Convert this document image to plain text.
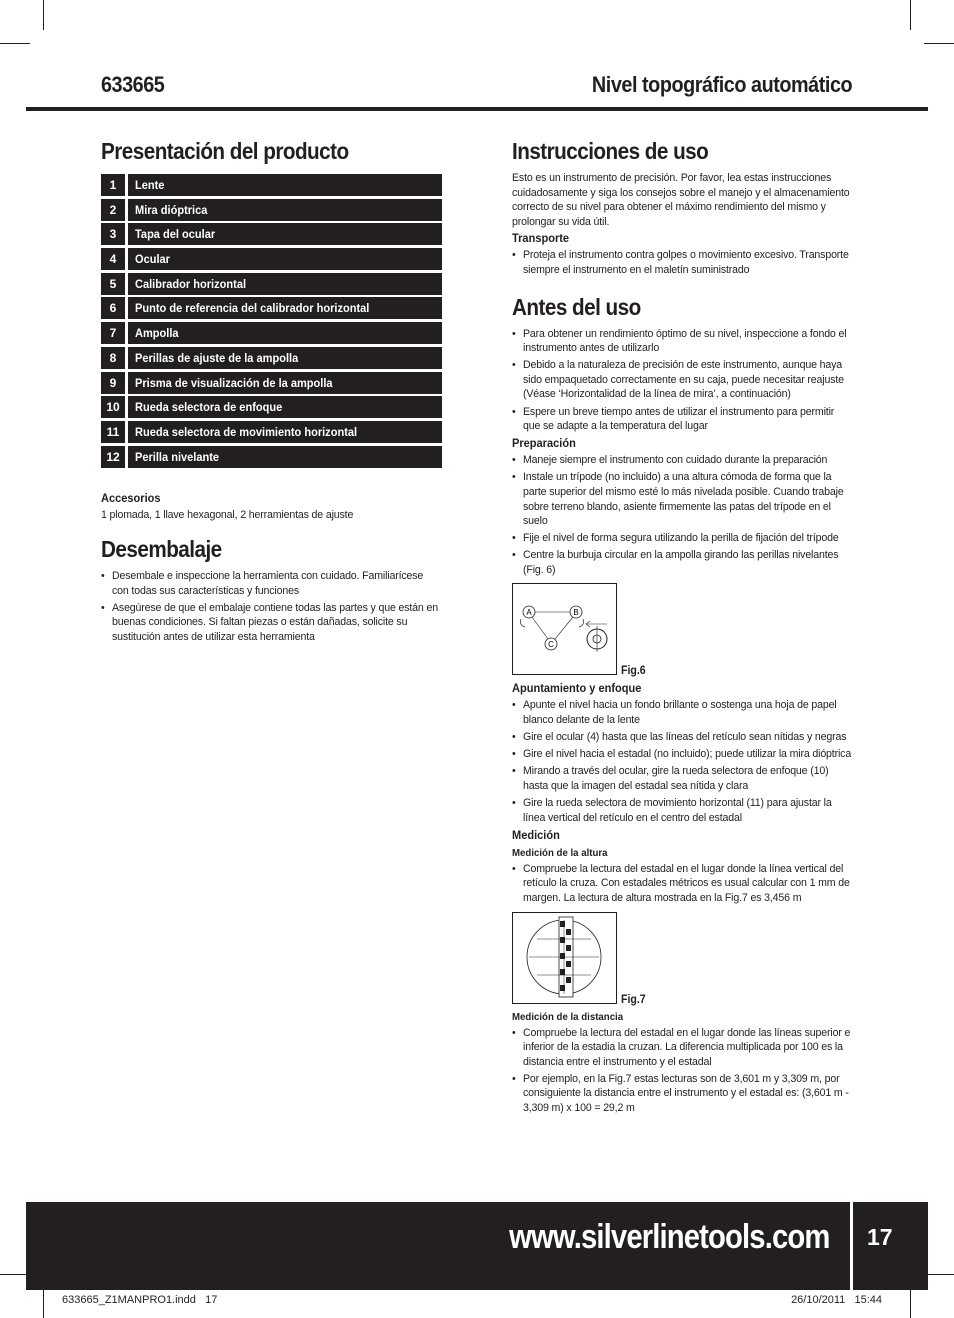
633665	Nivel topográfico automático
Presentación del producto
1	Lente
2	Mira dióptrica
3	Tapa del ocular
4	Ocular
5	Calibrador horizontal
6	Punto de referencia del calibrador horizontal
7	Ampolla
8	Perillas de ajuste de la ampolla
9	Prisma de visualización de la ampolla
10	Rueda selectora de enfoque
11	Rueda selectora de movimiento horizontal
12	Perilla nivelante
Accesorios

1 plomada, 1 llave hexagonal, 2 herramientas de ajuste

Desembalaje
• Desembale e inspeccione la herramienta con cuidado. Familiarícese con todas sus características y funciones
• Asegúrese de que el embalaje contiene todas las partes y que están en buenas condiciones. Si faltan piezas o están dañadas, solicite su sustitución antes de utilizar esta herramienta
Instrucciones de uso

Esto es un instrumento de precisión. Por favor, lea estas instrucciones cuidadosamente y siga los consejos sobre el manejo y el almacenamiento correcto de su nivel para obtener el máximo rendimiento del mismo y prolongar su vida útil.

Transporte
• Proteja el instrumento contra golpes o movimiento excesivo. Transporte siempre el instrumento en el maletín suministrado
Antes del uso
• Para obtener un rendimiento óptimo de su nivel, inspeccione a fondo el instrumento antes de utilizarlo
• Debido a la naturaleza de precisión de este instrumento, aunque haya sido empaquetado correctamente en su caja, puede necesitar reajuste (Véase ‘Horizontalidad de la línea de mira’, a continuación)
• Espere un breve tiempo antes de utilizar el instrumento para permitir que se adapte a la temperatura del lugar
Preparación
• Maneje siempre el instrumento con cuidado durante la preparación
• Instale un trípode (no incluido) a una altura cómoda de forma que la parte superior del mismo esté lo más nivelada posible. Cuando trabaje sobre terreno blando, asiente firmemente las patas del trípode en el suelo
• Fije el nivel de forma segura utilizando la perilla de fijación del trípode
• Centre la burbuja circular en la ampolla girando las perillas nivelantes (Fig. 6)
A	B
C
Fig.6
Apuntamiento y enfoque
• Apunte el nivel hacia un fondo brillante o sostenga una hoja de papel blanco delante de la lente
• Gire el ocular (4) hasta que las líneas del retículo sean nítidas y negras
• Gire el nivel hacia el estadal (no incluido); puede utilizar la mira dióptrica
• Mirando a través del ocular, gire la rueda selectora de enfoque (10) hasta que la imagen del estadal sea nítida y clara
• Gire la rueda selectora de movimiento horizontal (11) para ajustar la línea vertical del retículo en el centro del estadal
Medición
Medición de la altura
• Compruebe la lectura del estadal en el lugar donde la línea vertical del retículo la cruza. Con estadales métricos es usual calcular con 1 mm de margen. La lectura de altura mostrada en la Fig.7 es 3,456 m
Fig.7
Medición de la distancia
• Compruebe la lectura del estadal en el lugar donde las líneas superior e inferior de la estadia la cruzan. La diferencia multiplicada por 100 es la distancia entre el instrumento y el estadal
• Por ejemplo, en la Fig.7 estas lecturas son de 3,601 m y 3,309 m, por consiguiente la distancia entre el instrumento y el estadal es: (3,601 m - 3,309 m) x 100 = 29,2 m
www.silverlinetools.com 17
633665_Z1MANPRO1.indd   17	26/10/2011   15:44
